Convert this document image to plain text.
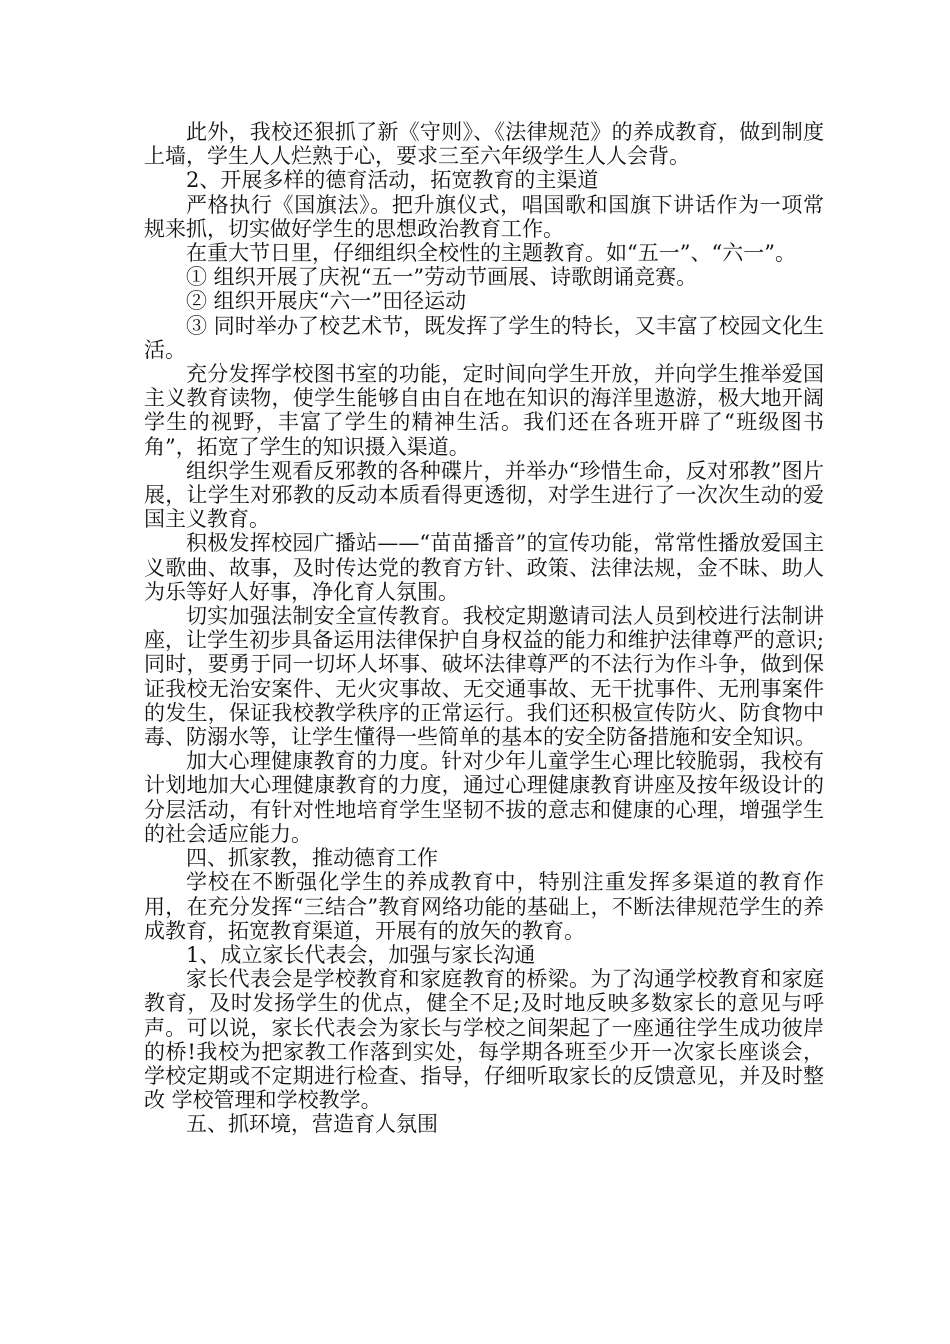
此外，我校还狠抓了新《守则》、《法律规范》的养成教育，做到制度上墙，学生人人烂熟于心，要求三至六年级学生人人会背。

2、开展多样的德育活动，拓宽教育的主渠道

严格执行《国旗法》。把升旗仪式，唱国歌和国旗下讲话作为一项常规来抓，切实做好学生的思想政治教育工作。

在重大节日里，仔细组织全校性的主题教育。如“五一”、“六一”。

① 组织开展了庆祝“五一”劳动节画展、诗歌朗诵竞赛。

② 组织开展庆“六一”田径运动

③ 同时举办了校艺术节，既发挥了学生的特长，又丰富了校园文化生活。

充分发挥学校图书室的功能，定时间向学生开放，并向学生推举爱国主义教育读物，使学生能够自由自在地在知识的海洋里遨游，极大地开阔学生的视野，丰富了学生的精神生活。我们还在各班开辟了“班级图书角”，拓宽了学生的知识摄入渠道。

组织学生观看反邪教的各种碟片，并举办“珍惜生命，反对邪教”图片展，让学生对邪教的反动本质看得更透彻，对学生进行了一次次生动的爱国主义教育。

积极发挥校园广播站——“苗苗播音”的宣传功能，常常性播放爱国主义歌曲、故事，及时传达党的教育方针、政策、法律法规，金不昧、助人为乐等好人好事，净化育人氛围。

切实加强法制安全宣传教育。我校定期邀请司法人员到校进行法制讲座，让学生初步具备运用法律保护自身权益的能力和维护法律尊严的意识;同时，要勇于同一切坏人坏事、破坏法律尊严的不法行为作斗争，做到保证我校无治安案件、无火灾事故、无交通事故、无干扰事件、无刑事案件的发生，保证我校教学秩序的正常运行。我们还积极宣传防火、防食物中毒、防溺水等，让学生懂得一些简单的基本的安全防备措施和安全知识。

加大心理健康教育的力度。针对少年儿童学生心理比较脆弱，我校有计划地加大心理健康教育的力度，通过心理健康教育讲座及按年级设计的分层活动，有针对性地培育学生坚韧不拔的意志和健康的心理，增强学生的社会适应能力。

四、抓家教，推动德育工作

学校在不断强化学生的养成教育中，特别注重发挥多渠道的教育作用，在充分发挥“三结合”教育网络功能的基础上，不断法律规范学生的养成教育，拓宽教育渠道，开展有的放矢的教育。

1、成立家长代表会，加强与家长沟通

家长代表会是学校教育和家庭教育的桥梁。为了沟通学校教育和家庭教育，及时发扬学生的优点，健全不足;及时地反映多数家长的意见与呼声。可以说，家长代表会为家长与学校之间架起了一座通往学生成功彼岸的桥!我校为把家教工作落到实处，每学期各班至少开一次家长座谈会，学校定期或不定期进行检查、指导，仔细听取家长的反馈意见，并及时整改 学校管理和学校教学。

五、抓环境，营造育人氛围
